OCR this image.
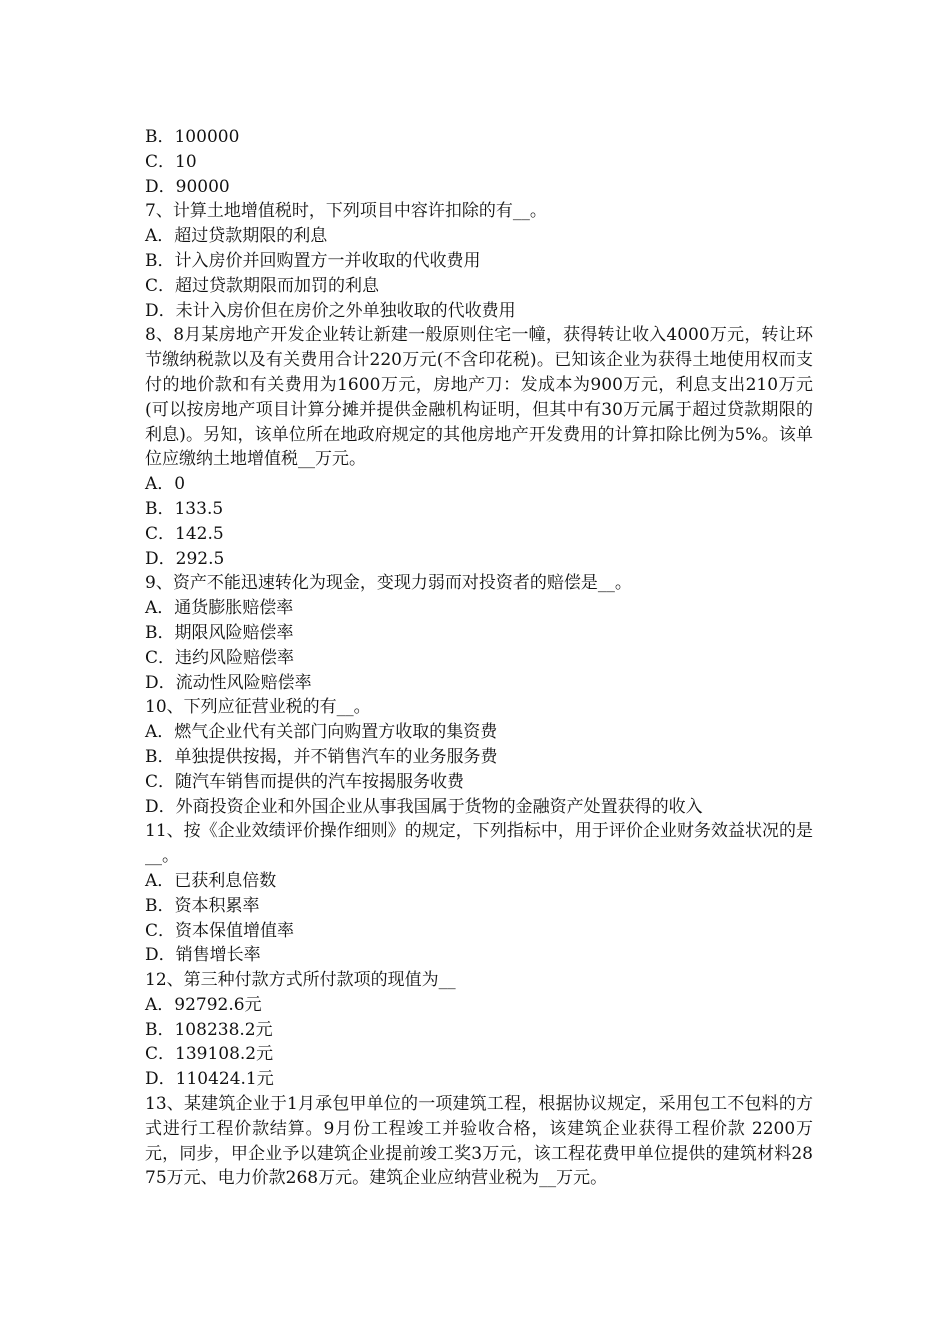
B．100000

C．10

D．90000

7、计算土地增值税时，下列项目中容许扣除的有__。

A．超过贷款期限的利息

B．计入房价并回购置方一并收取的代收费用

C．超过贷款期限而加罚的利息

D．未计入房价但在房价之外单独收取的代收费用

8、8月某房地产开发企业转让新建一般原则住宅一幢，获得转让收入4000万元，转让环节缴纳税款以及有关费用合计220万元(不含印花税)。已知该企业为获得土地使用权而支付的地价款和有关费用为1600万元，房地产刀：发成本为900万元，利息支出210万元(可以按房地产项目计算分摊并提供金融机构证明，但其中有30万元属于超过贷款期限的利息)。另知，该单位所在地政府规定的其他房地产开发费用的计算扣除比例为5%。该单位应缴纳土地增值税__万元。

A．0

B．133.5

C．142.5

D．292.5

9、资产不能迅速转化为现金，变现力弱而对投资者的赔偿是__。

A．通货膨胀赔偿率

B．期限风险赔偿率

C．违约风险赔偿率

D．流动性风险赔偿率

10、下列应征营业税的有__。

A．燃气企业代有关部门向购置方收取的集资费

B．单独提供按揭，并不销售汽车的业务服务费

C．随汽车销售而提供的汽车按揭服务收费

D．外商投资企业和外国企业从事我国属于货物的金融资产处置获得的收入

11、按《企业效绩评价操作细则》的规定，下列指标中，用于评价企业财务效益状况的是__。

A．已获利息倍数

B．资本积累率

C．资本保值增值率

D．销售增长率

12、第三种付款方式所付款项的现值为__

A．92792.6元

B．108238.2元

C．139108.2元

D．110424.1元

13、某建筑企业于1月承包甲单位的一项建筑工程，根据协议规定，采用包工不包料的方式进行工程价款结算。9月份工程竣工并验收合格，该建筑企业获得工程价款 2200万元，同步，甲企业予以建筑企业提前竣工奖3万元，该工程花费甲单位提供的建筑材料2875万元、电力价款268万元。建筑企业应纳营业税为__万元。
